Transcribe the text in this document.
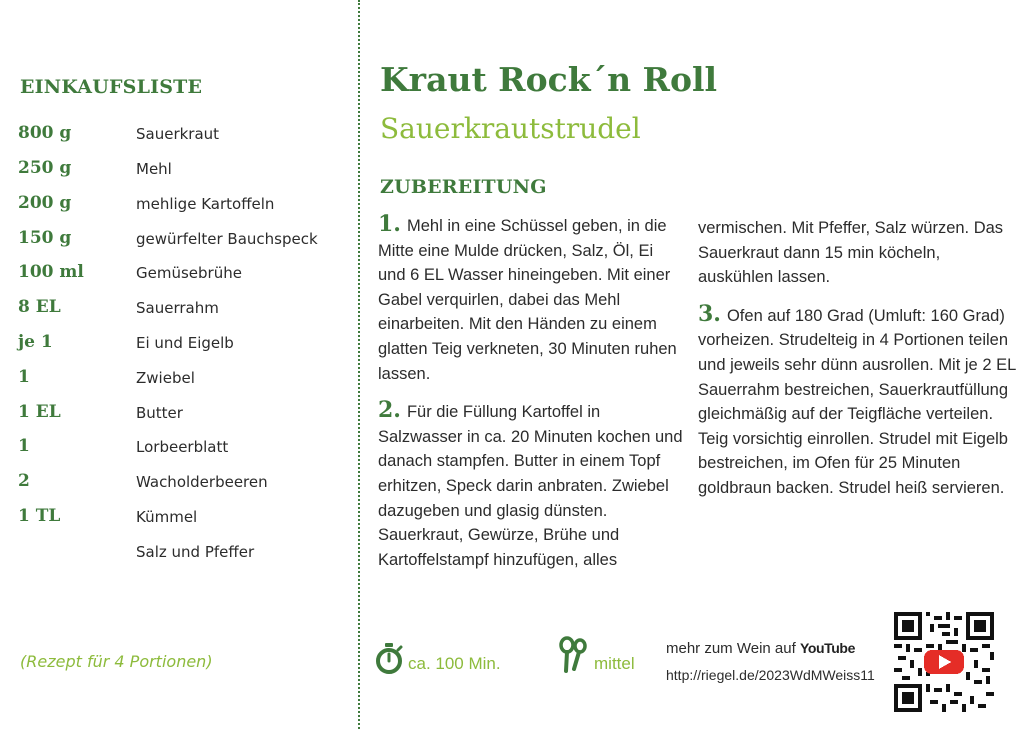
EINKAUFSLISTE
800 g	Sauerkraut
250 g	Mehl
200 g	mehlige Kartoffeln
150 g	gewürfelter Bauchspeck
100 ml	Gemüsebrühe
8 EL	Sauerrahm
je 1	Ei und Eigelb
1	Zwiebel
1 EL	Butter
1	Lorbeerblatt
2	Wacholderbeeren
1 TL	Kümmel
Salz und Pfeffer
(Rezept für 4 Portionen)
Kraut Rock´n Roll
Sauerkrautstrudel
ZUBEREITUNG

1. Mehl in eine Schüssel geben, in die Mitte eine Mulde drücken, Salz, Öl, Ei und 6 EL Wasser hineingeben. Mit einer Gabel verquirlen, dabei das Mehl einarbeiten. Mit den Händen zu einem glatten Teig verkneten, 30 Minuten ruhen lassen.

2. Für die Füllung Kartoffel in Salzwasser in ca. 20 Minuten kochen und danach stampfen. Butter in einem Topf erhitzen, Speck darin anbraten. Zwiebel dazugeben und glasig dünsten. Sauerkraut, Gewürze, Brühe und Kartoffelstampf hinzufügen, alles

vermischen. Mit Pfeffer, Salz würzen. Das Sauerkraut dann 15 min köcheln, auskühlen lassen.

3. Ofen auf 180 Grad (Umluft: 160 Grad) vorheizen. Strudelteig in 4 Portionen teilen und jeweils sehr dünn ausrollen. Mit je 2 EL Sauerrahm bestreichen, Sauerkrautfüllung gleichmäßig auf der Teigfläche verteilen. Teig vorsichtig einrollen. Strudel mit Eigelb bestreichen, im Ofen für 25 Minuten goldbraun backen. Strudel heiß servieren.

ca. 100 Min.	mittel
mehr zum Wein auf YouTube
http://riegel.de/2023WdMWeiss11
